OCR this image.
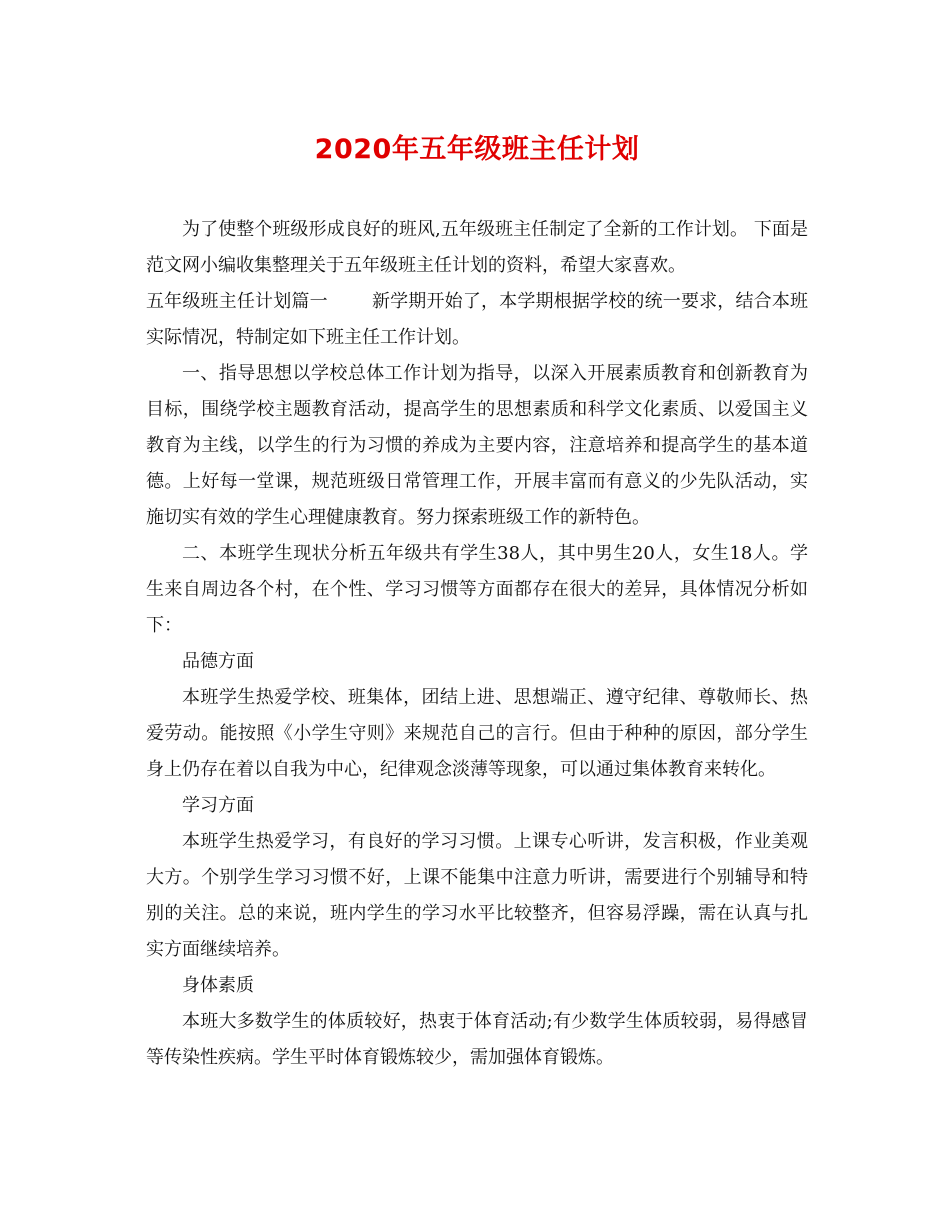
2020年五年级班主任计划

为了使整个班级形成良好的班风,五年级班主任制定了全新的工作计划。 下面是范文网小编收集整理关于五年级班主任计划的资料，希望大家喜欢。

五年级班主任计划篇一 新学期开始了，本学期根据学校的统一要求，结合本班实际情况，特制定如下班主任工作计划。

一、指导思想以学校总体工作计划为指导，以深入开展素质教育和创新教育为目标，围绕学校主题教育活动，提高学生的思想素质和科学文化素质、以爱国主义教育为主线，以学生的行为习惯的养成为主要内容，注意培养和提高学生的基本道德。上好每一堂课，规范班级日常管理工作，开展丰富而有意义的少先队活动，实施切实有效的学生心理健康教育。努力探索班级工作的新特色。

二、本班学生现状分析五年级共有学生38人，其中男生20人，女生18人。学生来自周边各个村，在个性、学习习惯等方面都存在很大的差异，具体情况分析如下：

品德方面

本班学生热爱学校、班集体，团结上进、思想端正、遵守纪律、尊敬师长、热爱劳动。能按照《小学生守则》来规范自己的言行。但由于种种的原因，部分学生身上仍存在着以自我为中心，纪律观念淡薄等现象，可以通过集体教育来转化。

学习方面

本班学生热爱学习，有良好的学习习惯。上课专心听讲，发言积极，作业美观大方。个别学生学习习惯不好，上课不能集中注意力听讲，需要进行个别辅导和特别的关注。总的来说，班内学生的学习水平比较整齐，但容易浮躁，需在认真与扎实方面继续培养。

身体素质

本班大多数学生的体质较好，热衷于体育活动;有少数学生体质较弱，易得感冒等传染性疾病。学生平时体育锻炼较少，需加强体育锻炼。
